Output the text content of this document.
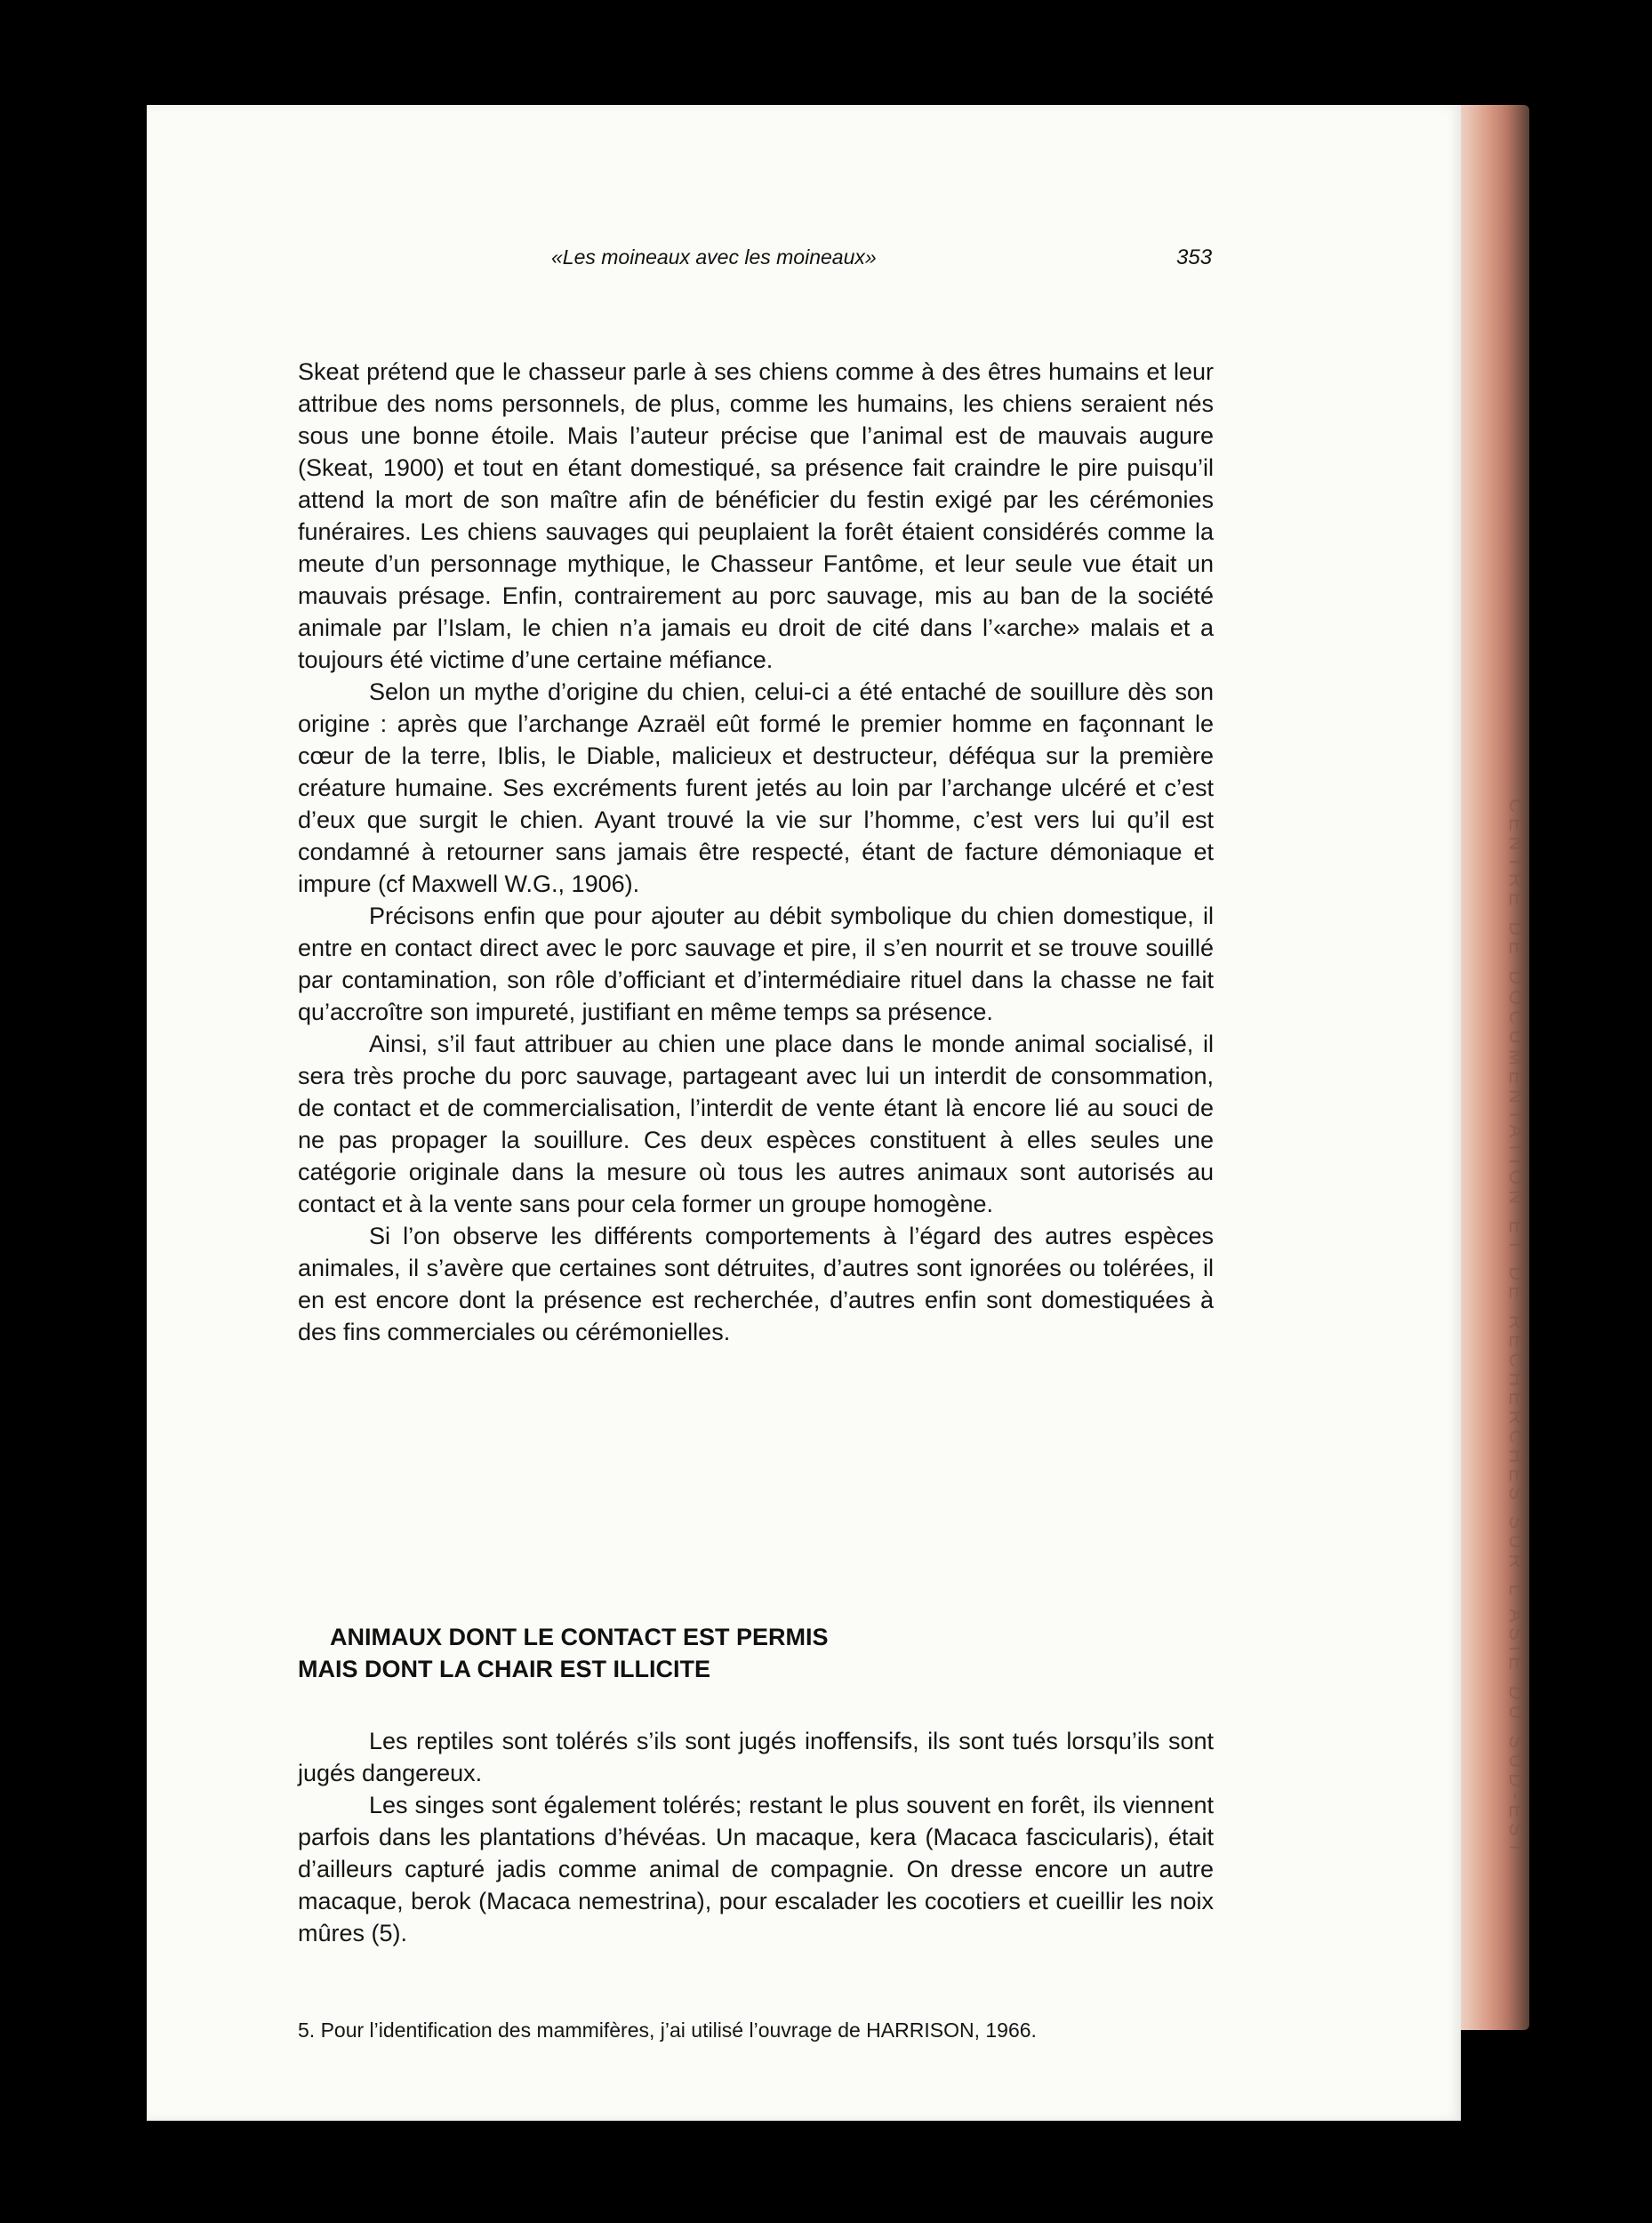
CENTRE DE DOCUMENTATION ET DE RECHERCHES SUR L’ASIE DU SUD-EST
«Les moineaux avec les moineaux»	353

Skeat prétend que le chasseur parle à ses chiens comme à des êtres humains et leur attribue des noms personnels, de plus, comme les humains, les chiens seraient nés sous une bonne étoile. Mais l’auteur précise que l’animal est de mauvais augure (Skeat, 1900) et tout en étant domestiqué, sa présence fait craindre le pire puisqu’il attend la mort de son maître afin de bénéficier du festin exigé par les cérémonies funéraires. Les chiens sauvages qui peuplaient la forêt étaient considérés comme la meute d’un personnage mythique, le Chasseur Fantôme, et leur seule vue était un mauvais présage. Enfin, contrairement au porc sauvage, mis au ban de la société animale par l’Islam, le chien n’a jamais eu droit de cité dans l’«arche» malais et a toujours été victime d’une certaine méfiance.

Selon un mythe d’origine du chien, celui-ci a été entaché de souillure dès son origine : après que l’archange Azraël eût formé le premier homme en façonnant le cœur de la terre, Iblis, le Diable, malicieux et destructeur, déféqua sur la première créature humaine. Ses excréments furent jetés au loin par l’archange ulcéré et c’est d’eux que surgit le chien. Ayant trouvé la vie sur l’homme, c’est vers lui qu’il est condamné à retourner sans jamais être respecté, étant de facture démoniaque et impure (cf Maxwell W.G., 1906).

Précisons enfin que pour ajouter au débit symbolique du chien domestique, il entre en contact direct avec le porc sauvage et pire, il s’en nourrit et se trouve souillé par contamination, son rôle d’officiant et d’intermédiaire rituel dans la chasse ne fait qu’accroître son impureté, justifiant en même temps sa présence.

Ainsi, s’il faut attribuer au chien une place dans le monde animal socialisé, il sera très proche du porc sauvage, partageant avec lui un interdit de consommation, de contact et de commercialisation, l’interdit de vente étant là encore lié au souci de ne pas propager la souillure. Ces deux espèces constituent à elles seules une catégorie originale dans la mesure où tous les autres animaux sont autorisés au contact et à la vente sans pour cela former un groupe homogène.

Si l’on observe les différents comportements à l’égard des autres espèces animales, il s’avère que certaines sont détruites, d’autres sont ignorées ou tolérées, il en est encore dont la présence est recherchée, d’autres enfin sont domestiquées à des fins commerciales ou cérémonielles.

ANIMAUX DONT LE CONTACT EST PERMIS
MAIS DONT LA CHAIR EST ILLICITE

Les reptiles sont tolérés s’ils sont jugés inoffensifs, ils sont tués lorsqu’ils sont jugés dangereux.

Les singes sont également tolérés; restant le plus souvent en forêt, ils viennent parfois dans les plantations d’hévéas. Un macaque, kera (Macaca fascicularis), était d’ailleurs capturé jadis comme animal de compagnie. On dresse encore un autre macaque, berok (Macaca nemestrina), pour escalader les cocotiers et cueillir les noix mûres (5).

5. Pour l’identification des mammifères, j’ai utilisé l’ouvrage de HARRISON, 1966.
